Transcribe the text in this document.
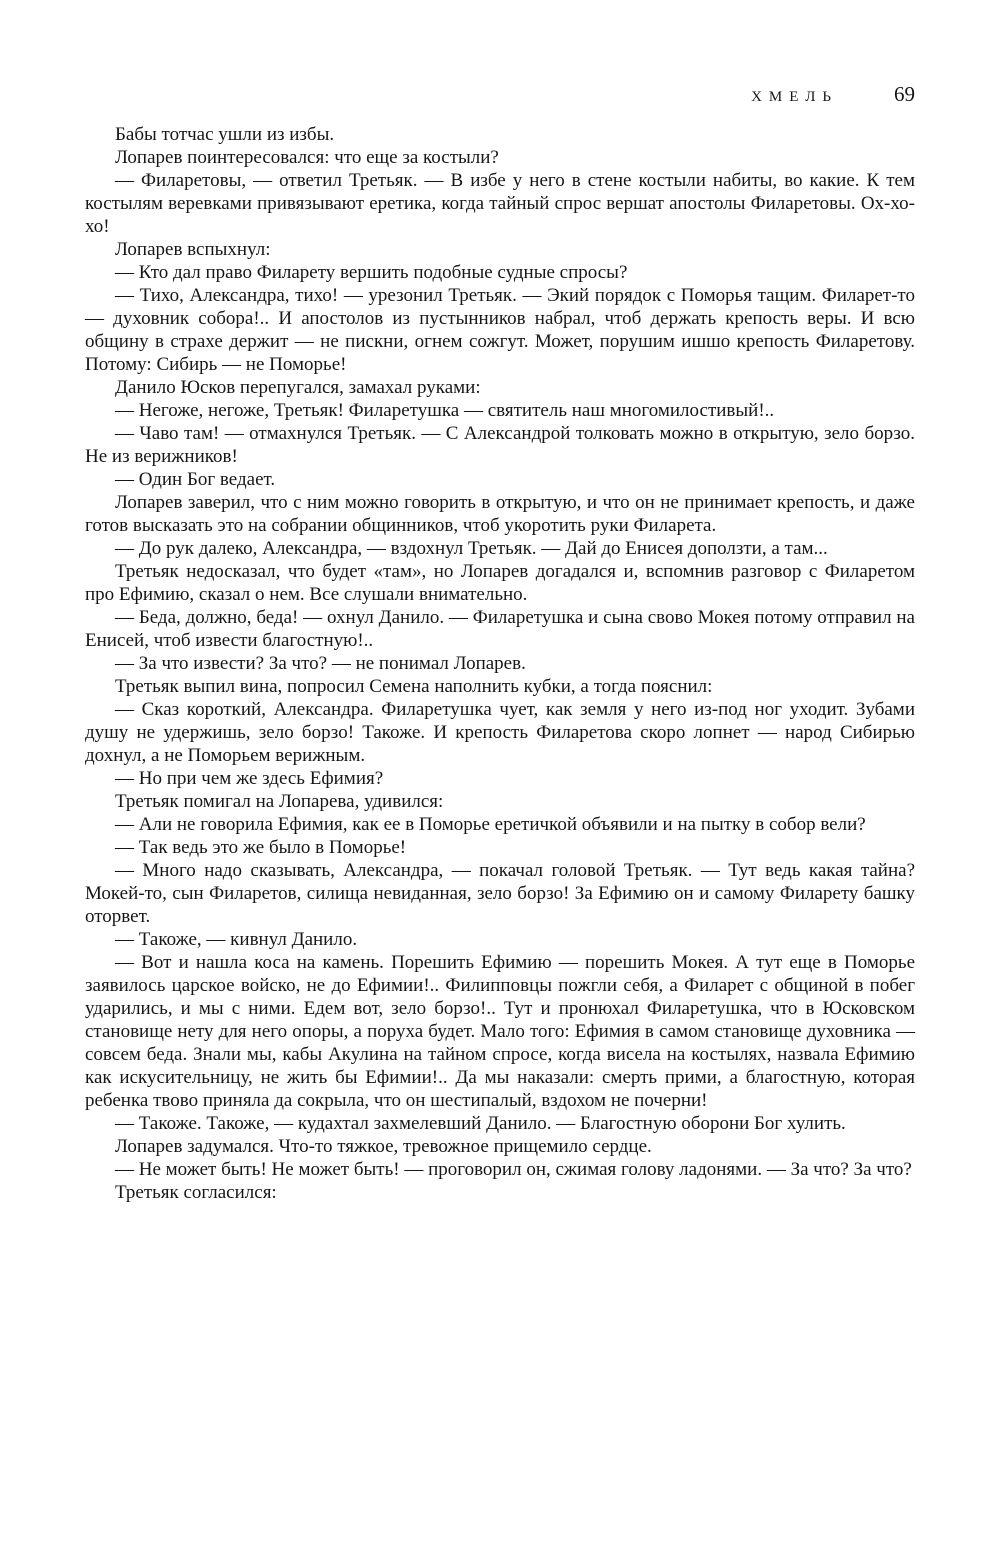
ХМЕЛЬ	69

Бабы тотчас ушли из избы.

Лопарев поинтересовался: что еще за костыли?

— Филаретовы, — ответил Третьяк. — В избе у него в стене костыли набиты, во какие. К тем костылям веревками привязывают еретика, когда тайный спрос вершат апостолы Филаретовы. Ох-хо-хо!

Лопарев вспыхнул:

— Кто дал право Филарету вершить подобные судные спросы?

— Тихо, Александра, тихо! — урезонил Третьяк. — Экий порядок с Поморья тащим. Филарет-то — духовник собора!.. И апостолов из пустынников набрал, чтоб держать крепость веры. И всю общину в страхе держит — не пискни, огнем сожгут. Может, порушим ишшо крепость Филаретову. Потому: Сибирь — не Поморье!

Данило Юсков перепугался, замахал руками:

— Негоже, негоже, Третьяк! Филаретушка — святитель наш многомилостивый!..

— Чаво там! — отмахнулся Третьяк. — С Александрой толковать можно в открытую, зело борзо. Не из верижников!

— Один Бог ведает.

Лопарев заверил, что с ним можно говорить в открытую, и что он не принимает крепость, и даже готов высказать это на собрании общинников, чтоб укоротить руки Филарета.

— До рук далеко, Александра, — вздохнул Третьяк. — Дай до Енисея доползти, а там...

Третьяк недосказал, что будет «там», но Лопарев догадался и, вспомнив разговор с Филаретом про Ефимию, сказал о нем. Все слушали внимательно.

— Беда, должно, беда! — охнул Данило. — Филаретушка и сына свово Мокея потому отправил на Енисей, чтоб извести благостную!..

— За что извести? За что? — не понимал Лопарев.

Третьяк выпил вина, попросил Семена наполнить кубки, а тогда пояснил:

— Сказ короткий, Александра. Филаретушка чует, как земля у него из-под ног уходит. Зубами душу не удержишь, зело борзо! Такоже. И крепость Филаретова скоро лопнет — народ Сибирью дохнул, а не Поморьем верижным.

— Но при чем же здесь Ефимия?

Третьяк помигал на Лопарева, удивился:

— Али не говорила Ефимия, как ее в Поморье еретичкой объявили и на пытку в собор вели?

— Так ведь это же было в Поморье!

— Много надо сказывать, Александра, — покачал головой Третьяк. — Тут ведь какая тайна? Мокей-то, сын Филаретов, силища невиданная, зело борзо! За Ефимию он и самому Филарету башку оторвет.

— Такоже, — кивнул Данило.

— Вот и нашла коса на камень. Порешить Ефимию — порешить Мокея. А тут еще в Поморье заявилось царское войско, не до Ефимии!.. Филипповцы пожгли себя, а Филарет с общиной в побег ударились, и мы с ними. Едем вот, зело борзо!.. Тут и пронюхал Филаретушка, что в Юсковском становище нету для него опоры, а поруха будет. Мало того: Ефимия в самом становище духовника — совсем беда. Знали мы, кабы Акулина на тайном спросе, когда висела на костылях, назвала Ефимию как искусительницу, не жить бы Ефимии!.. Да мы наказали: смерть прими, а благостную, которая ребенка твово приняла да сокрыла, что он шестипалый, вздохом не почерни!

— Такоже. Такоже, — кудахтал захмелевший Данило. — Благостную оборони Бог хулить.

Лопарев задумался. Что-то тяжкое, тревожное прищемило сердце.

— Не может быть! Не может быть! — проговорил он, сжимая голову ладонями. — За что? За что?

Третьяк согласился:
